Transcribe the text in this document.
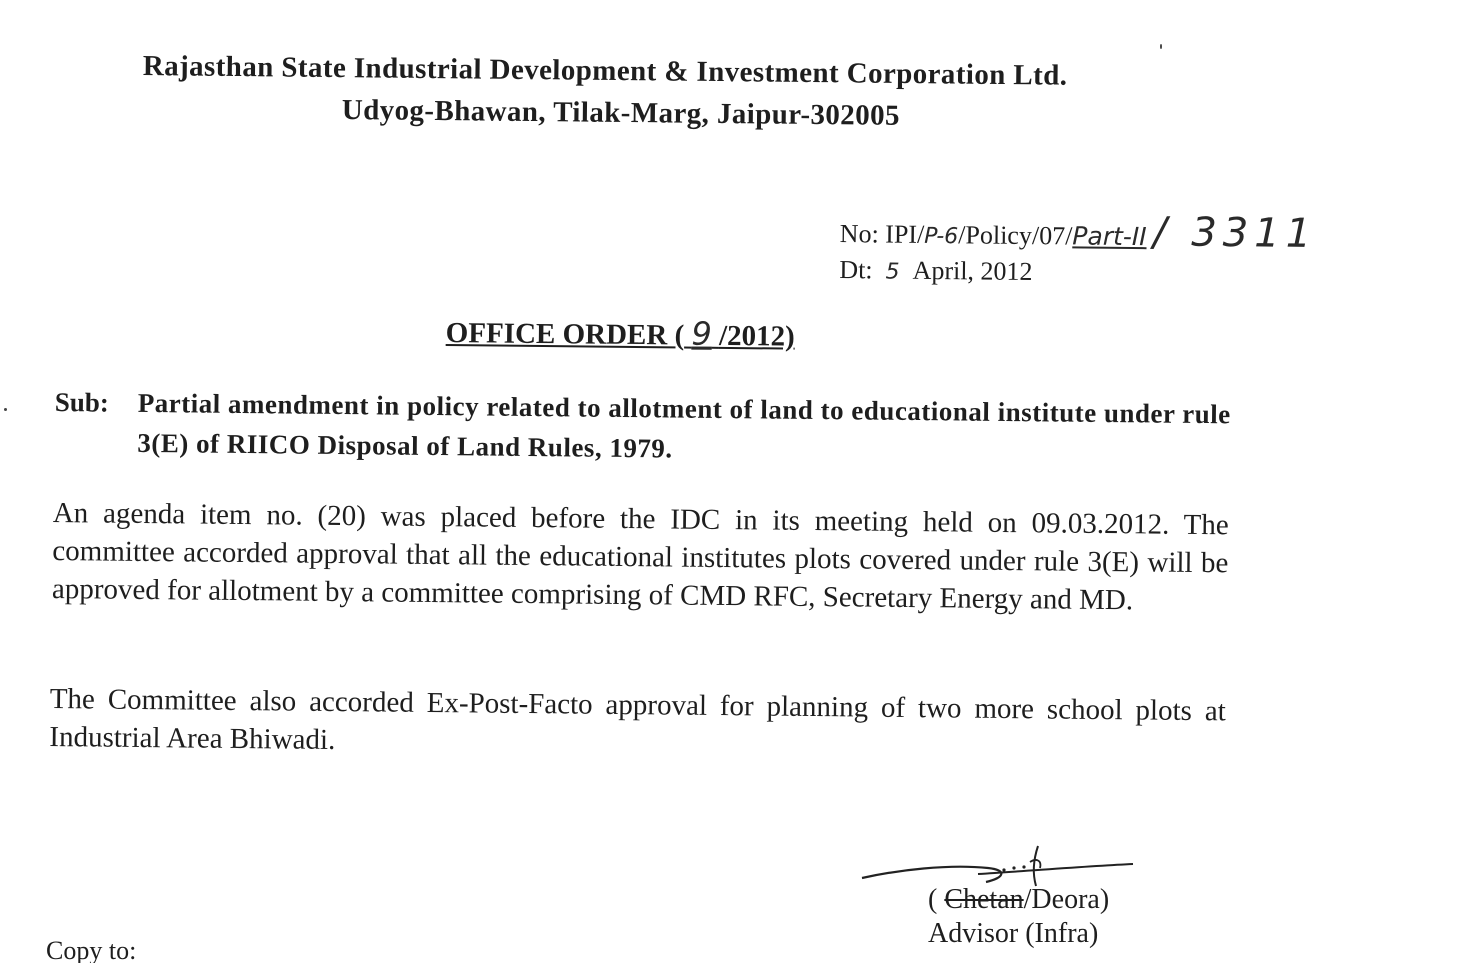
Rajasthan State Industrial Development & Investment Corporation Ltd.
Udyog-Bhawan, Tilak-Marg, Jaipur-302005
No: IPI/P-6/Policy/07/Part-II / 3311
Dt: 5 April, 2012
OFFICE ORDER ( 9 /2012)
Sub: Partial amendment in policy related to allotment of land to educational institute under rule 3(E) of RIICO Disposal of Land Rules, 1979.
An agenda item no. (20) was placed before the IDC in its meeting held on 09.03.2012. The committee accorded approval that all the educational institutes plots covered under rule 3(E) will be approved for allotment by a committee comprising of CMD RFC, Secretary Energy and MD.
The Committee also accorded Ex-Post-Facto approval for planning of two more school plots at Industrial Area Bhiwadi.
( Chetan/Deora)
Advisor (Infra)
Copy to:
